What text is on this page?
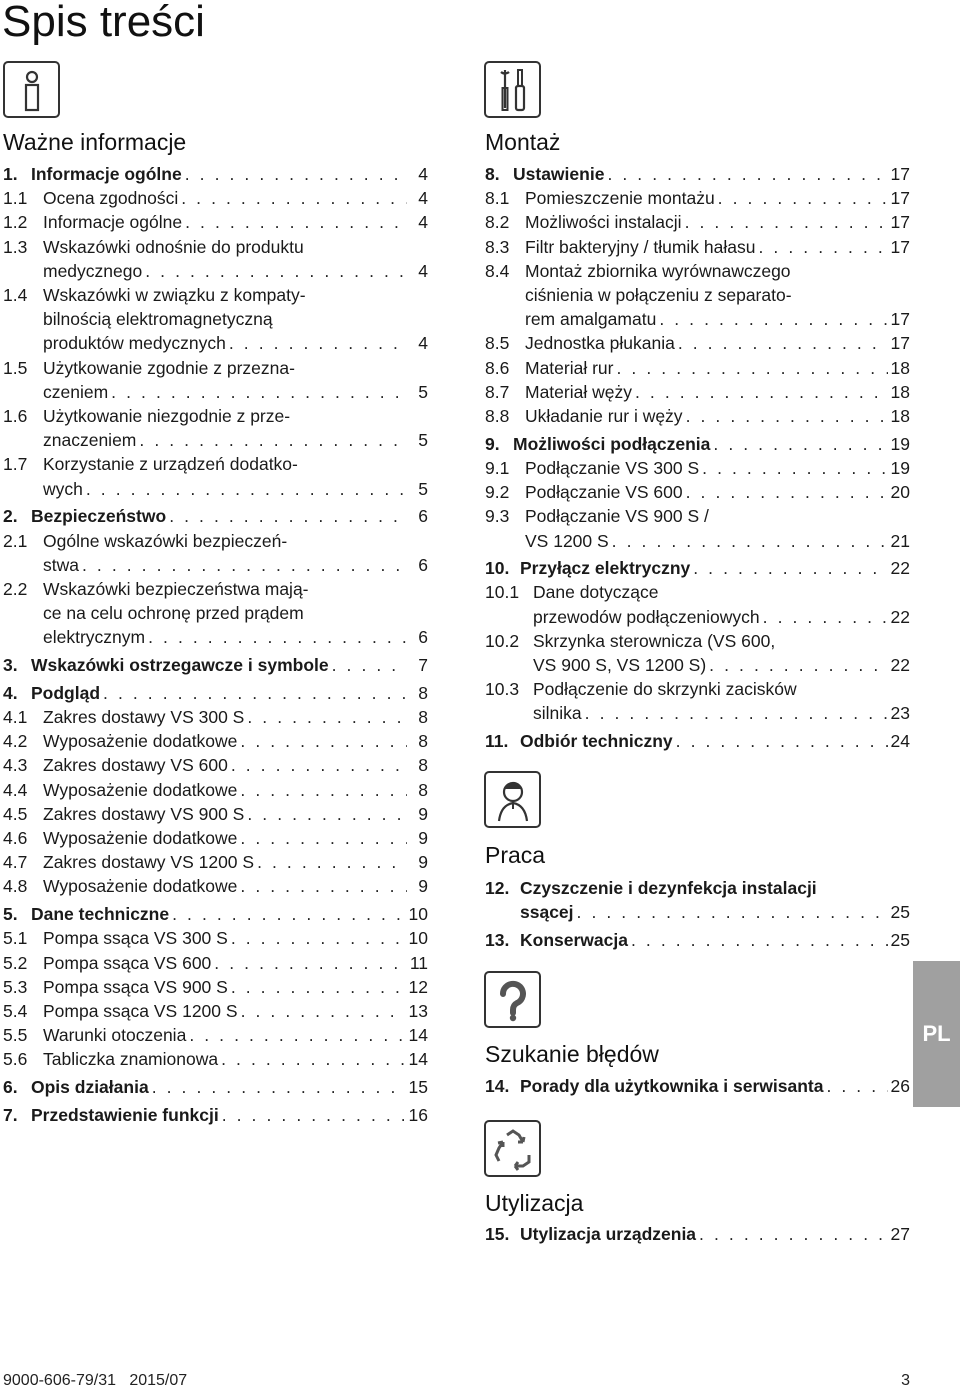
Spis treści
Ważne informacje
1. Informacje ogólne . . .	4
1.1 Ocena zgodności . . .	4
1.2 Informacje ogólne . . .	4
1.3 Wskazówki odnośnie do produktu
medycznego . . .	4
1.4 Wskazówki w związku z kompaty-
bilnością elektromagnetyczną
produktów medycznych . . .	4
1.5 Użytkowanie zgodnie z przezna-
czeniem . . .	5
1.6 Użytkowanie niezgodnie z prze-
znaczeniem . . .	5
1.7 Korzystanie z urządzeń dodatko-
wych . . .	5
2. Bezpieczeństwo . . .	6
2.1 Ogólne wskazówki bezpieczeń-
stwa . . .	6
2.2 Wskazówki bezpieczeństwa mają-
ce na celu ochronę przed prądem
elektrycznym . . .	6
3. Wskazówki ostrzegawcze i symbole . . .	7
4. Podgląd . . .	8
4.1 Zakres dostawy VS 300 S . . .	8
4.2 Wyposażenie dodatkowe . . .	8
4.3 Zakres dostawy VS 600 . . .	8
4.4 Wyposażenie dodatkowe . . .	8
4.5 Zakres dostawy VS 900 S . . .	9
4.6 Wyposażenie dodatkowe . . .	9
4.7 Zakres dostawy VS 1200 S . . .	9
4.8 Wyposażenie dodatkowe . . .	9
5. Dane techniczne . . .	10
5.1 Pompa ssąca VS 300 S . . .	10
5.2 Pompa ssąca VS 600 . . .	11
5.3 Pompa ssąca VS 900 S . . .	12
5.4 Pompa ssąca VS 1200 S . . .	13
5.5 Warunki otoczenia . . .	14
5.6 Tabliczka znamionowa . . .	14
6. Opis działania . . .	15
7. Przedstawienie funkcji . . .	16
Montaż
8. Ustawienie . . .	17
8.1 Pomieszczenie montażu . . .	17
8.2 Możliwości instalacji . . .	17
8.3 Filtr bakteryjny / tłumik hałasu . . .	17
8.4 Montaż zbiornika wyrównawczego
ciśnienia w połączeniu z separato-
rem amalgamatu . . .	17
8.5 Jednostka płukania . . .	17
8.6 Materiał rur . . .	18
8.7 Materiał węży . . .	18
8.8 Układanie rur i węży . . .	18
9. Możliwości podłączenia . . .	19
9.1 Podłączanie VS 300 S . . .	19
9.2 Podłączanie VS 600 . . .	20
9.3 Podłączanie VS 900 S /
VS 1200 S . . .	21
10. Przyłącz elektryczny . . .	22
10.1 Dane dotyczące
przewodów podłączeniowych . . .	22
10.2 Skrzynka sterownicza (VS 600,
VS 900 S, VS 1200 S) . . .	22
10.3 Podłączenie do skrzynki zacisków
silnika . . .	23
11. Odbiór techniczny . . .	24
Praca
12. Czyszczenie i dezynfekcja instalacji
ssącej . . .	25
13. Konserwacja . . .	25
Szukanie błędów
14. Porady dla użytkownika i serwisanta . . .	26
Utylizacja
15. Utylizacja urządzenia . . .	27
PL
9000-606-79/31   2015/07	3
